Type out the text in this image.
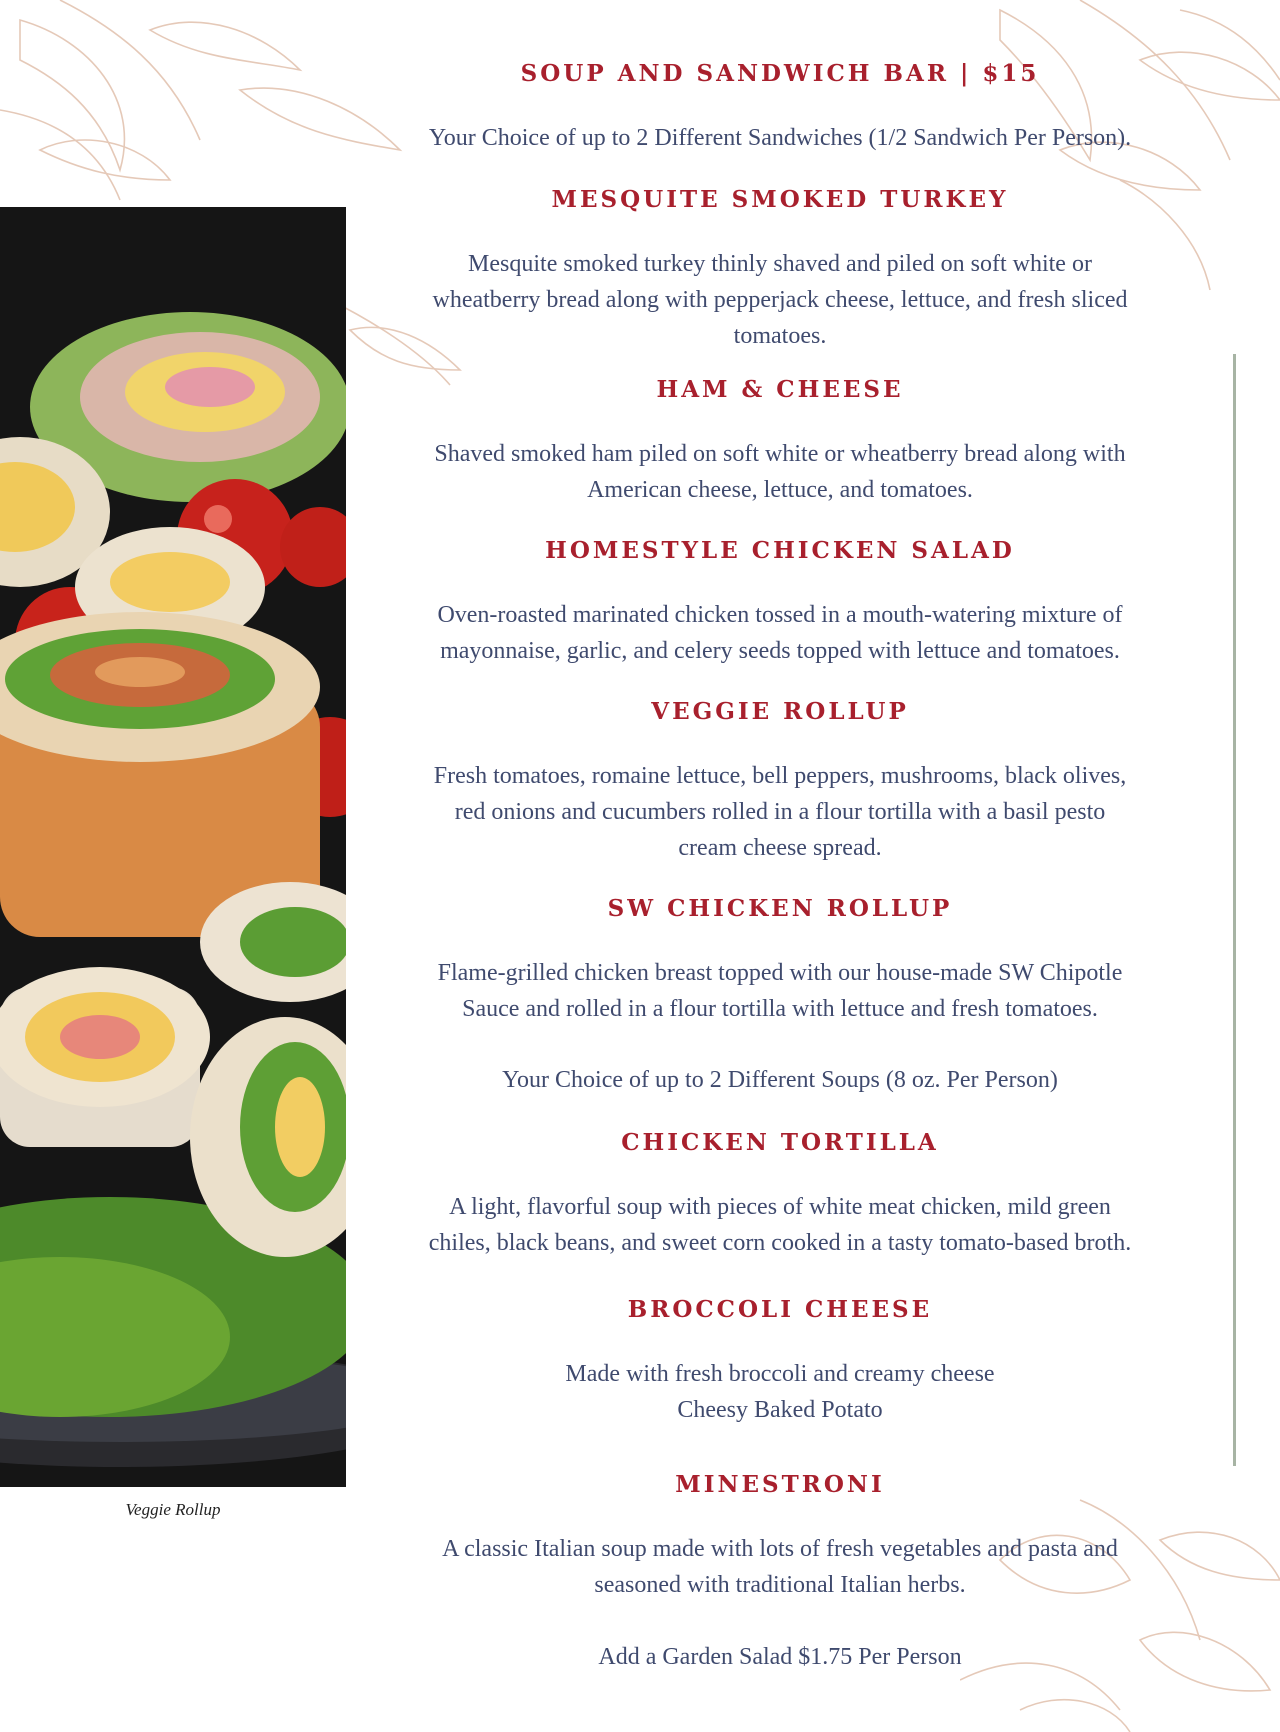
Veggie Rollup
SOUP AND SANDWICH BAR | $15
Your Choice of up to 2 Different Sandwiches (1/2 Sandwich Per Person).
MESQUITE SMOKED TURKEY
Mesquite smoked turkey thinly shaved and piled on soft white or
wheatberry bread along with pepperjack cheese, lettuce, and fresh sliced
tomatoes.
HAM & CHEESE
Shaved smoked ham piled on soft white or wheatberry bread along with
American cheese, lettuce, and tomatoes.
HOMESTYLE CHICKEN SALAD
Oven-roasted marinated chicken tossed in a mouth-watering mixture of
mayonnaise, garlic, and celery seeds topped with lettuce and tomatoes.
VEGGIE ROLLUP
Fresh tomatoes, romaine lettuce, bell peppers, mushrooms, black olives,
red onions and cucumbers rolled in a flour tortilla with a basil pesto
cream cheese spread.
SW CHICKEN ROLLUP
Flame-grilled chicken breast topped with our house-made SW Chipotle
Sauce and rolled in a flour tortilla with lettuce and fresh tomatoes.
Your Choice of up to 2 Different Soups (8 oz. Per Person)
CHICKEN TORTILLA
A light, flavorful soup with pieces of white meat chicken, mild green
chiles, black beans, and sweet corn cooked in a tasty tomato-based broth.
BROCCOLI CHEESE
Made with fresh broccoli and creamy cheese
Cheesy Baked Potato
MINESTRONI
A classic Italian soup made with lots of fresh vegetables and pasta and
seasoned with traditional Italian herbs.
Add a Garden Salad $1.75 Per Person
